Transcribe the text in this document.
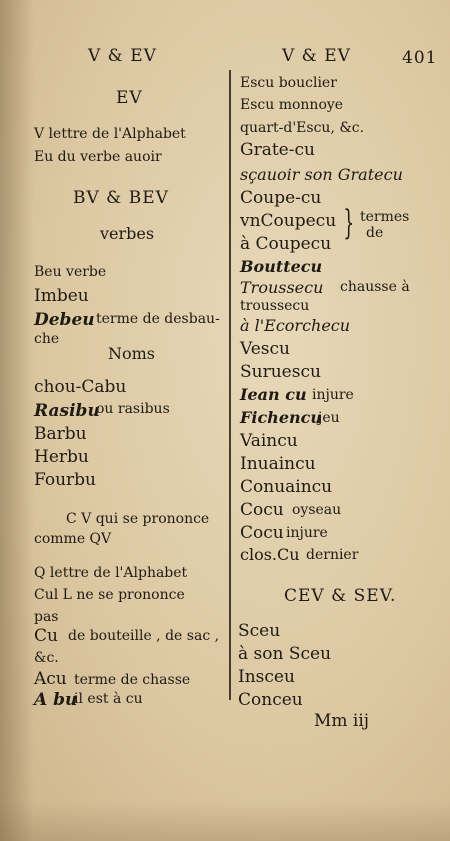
V & EV	V & EV	401
EV
V lettre de l'Alphabet
Eu du verbe auoir
BV & BEV
verbes
Beu verbe
Imbeu
Debeu terme de desbau-
che
Noms
chou-Cabu
Rasibu
ou rasibus
Barbu
Herbu
Fourbu
C V qui se prononce
comme QV
Q lettre de l'Alphabet
Cul L ne se prononce
pas
Cu de bouteille , de sac ,
&c.
Acu terme de chasse
A bu
il est à cu
Escu bouclier
Escu monnoye
quart-d'Escu, &c.
Grate-cu
sçauoir son Gratecu
Coupe-cu
vnCoupecu
à Coupecu
} termes
de
Bouttecu
Troussecu chausse à
troussecu
à l'Ecorchecu
Vescu
Suruescu
Iean cu injure
Fichencu
jeu
Vaincu
Inuaincu
Conuaincu
Cocu oyseau
Cocu injure
clos.Cu dernier
CEV & SEV.
Sceu
à son Sceu
Insceu
Conceu
Mm iij
